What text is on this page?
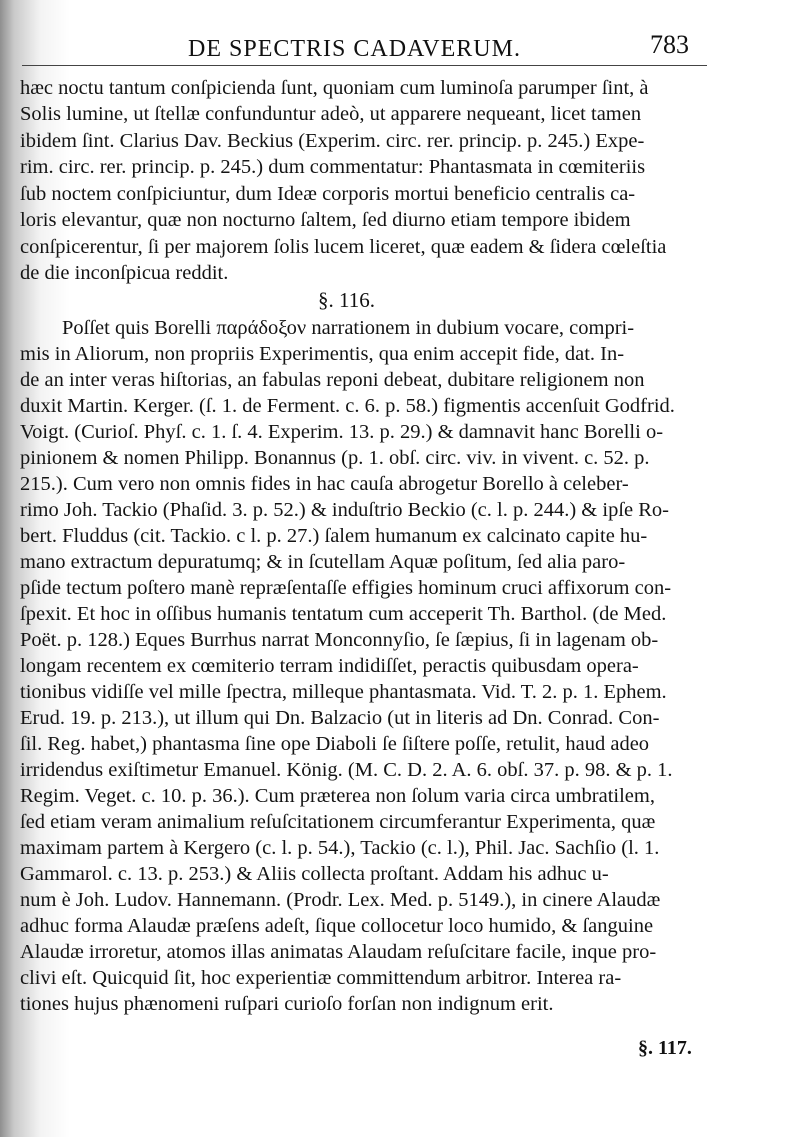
DE SPECTRIS CADAVERUM.	783
hæc noctu tantum conſpicienda ſunt, quoniam cum luminoſa parumper ſint, à
Solis lumine, ut ſtellæ confunduntur adeò, ut apparere nequeant, licet tamen
ibidem ſint. Clarius Dav. Beckius (Experim. circ. rer. princip. p. 245.) Expe-
rim. circ. rer. princip. p. 245.) dum commentatur: Phantasmata in cœmiteriis
ſub noctem conſpiciuntur, dum Ideæ corporis mortui beneficio centralis ca-
loris elevantur, quæ non nocturno ſaltem, ſed diurno etiam tempore ibidem
conſpicerentur, ſi per majorem ſolis lucem liceret, quæ eadem & ſidera cœleſtia
de die inconſpicua reddit.
§. 116.
Poſſet quis Borelli παράδοξον narrationem in dubium vocare, compri-
mis in Aliorum, non propriis Experimentis, qua enim accepit fide, dat. In-
de an inter veras hiſtorias, an fabulas reponi debeat, dubitare religionem non
duxit Martin. Kerger. (ſ. 1. de Ferment. c. 6. p. 58.) figmentis accenſuit Godfrid.
Voigt. (Curioſ. Phyſ. c. 1. ſ. 4. Experim. 13. p. 29.) & damnavit hanc Borelli o-
pinionem & nomen Philipp. Bonannus (p. 1. obſ. circ. viv. in vivent. c. 52. p.
215.). Cum vero non omnis fides in hac cauſa abrogetur Borello à celeber-
rimo Joh. Tackio (Phaſid. 3. p. 52.) & induſtrio Beckio (c. l. p. 244.) & ipſe Ro-
bert. Fluddus (cit. Tackio. c l. p. 27.) ſalem humanum ex calcinato capite hu-
mano extractum depuratumq; & in ſcutellam Aquæ poſitum, ſed alia paro-
pſide tectum poſtero manè repræſentaſſe effigies hominum cruci affixorum con-
ſpexit. Et hoc in oſſibus humanis tentatum cum acceperit Th. Barthol. (de Med.
Poët. p. 128.) Eques Burrhus narrat Monconnyſio, ſe ſæpius, ſi in lagenam ob-
longam recentem ex cœmiterio terram indidiſſet, peractis quibusdam opera-
tionibus vidiſſe vel mille ſpectra, milleque phantasmata. Vid. T. 2. p. 1. Ephem.
Erud. 19. p. 213.), ut illum qui Dn. Balzacio (ut in literis ad Dn. Conrad. Con-
ſil. Reg. habet,) phantasma ſine ope Diaboli ſe ſiſtere poſſe, retulit, haud adeo
irridendus exiſtimetur Emanuel. König. (M. C. D. 2. A. 6. obſ. 37. p. 98. & p. 1.
Regim. Veget. c. 10. p. 36.). Cum præterea non ſolum varia circa umbratilem,
ſed etiam veram animalium reſuſcitationem circumferantur Experimenta, quæ
maximam partem à Kergero (c. l. p. 54.), Tackio (c. l.), Phil. Jac. Sachſio (l. 1.
Gammarol. c. 13. p. 253.) & Aliis collecta proſtant. Addam his adhuc u-
num è Joh. Ludov. Hannemann. (Prodr. Lex. Med. p. 5149.), in cinere Alaudæ
adhuc forma Alaudæ præſens adeſt, ſique collocetur loco humido, & ſanguine
Alaudæ irroretur, atomos illas animatas Alaudam reſuſcitare facile, inque pro-
clivi eſt. Quicquid ſit, hoc experientiæ committendum arbitror. Interea ra-
tiones hujus phænomeni ruſpari curioſo forſan non indignum erit.
§. 117.
